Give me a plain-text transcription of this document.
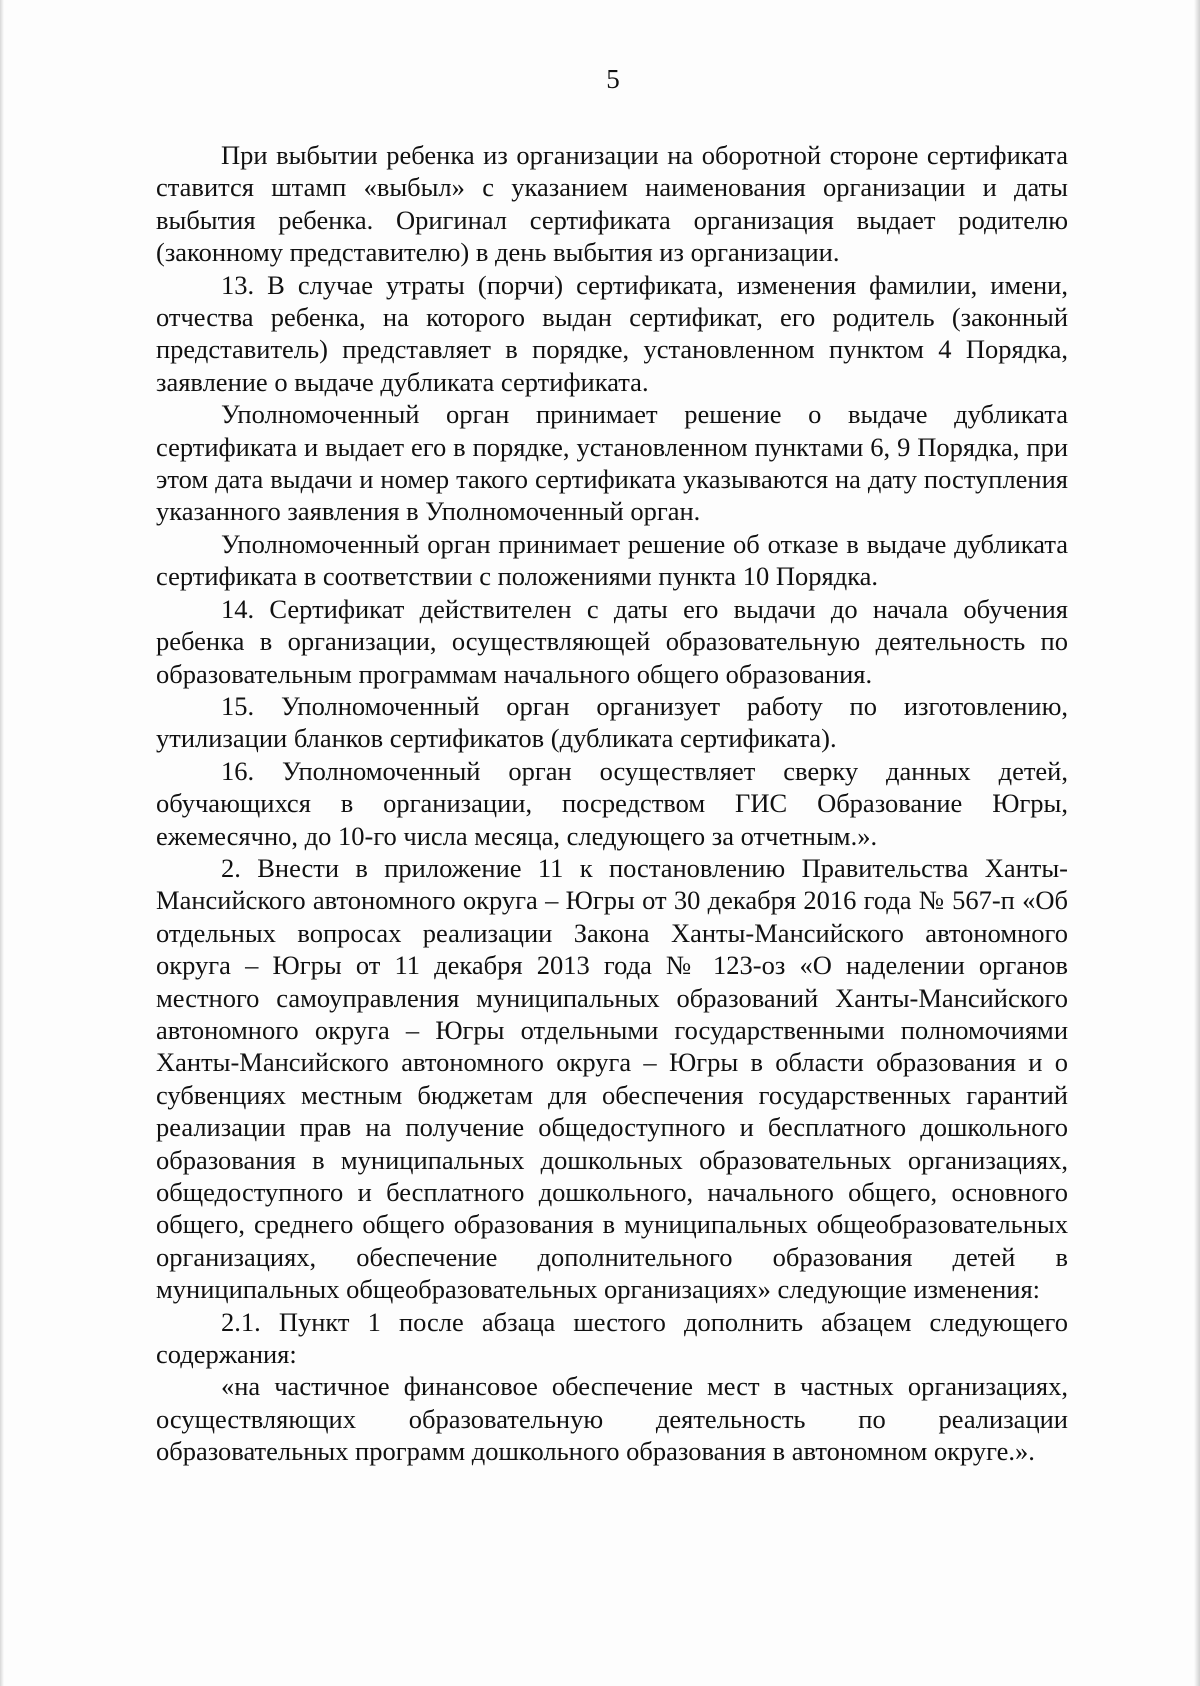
5

При выбытии ребенка из организации на оборотной стороне сертификата ставится штамп «выбыл» с указанием наименования организации и даты выбытия ребенка. Оригинал сертификата организация выдает родителю (законному представителю) в день выбытия из организации.

13. В случае утраты (порчи) сертификата, изменения фамилии, имени, отчества ребенка, на которого выдан сертификат, его родитель (законный представитель) представляет в порядке, установленном пунктом 4 Порядка, заявление о выдаче дубликата сертификата.

Уполномоченный орган принимает решение о выдаче дубликата сертификата и выдает его в порядке, установленном пунктами 6, 9 Порядка, при этом дата выдачи и номер такого сертификата указываются на дату поступления указанного заявления в Уполномоченный орган.

Уполномоченный орган принимает решение об отказе в выдаче дубликата сертификата в соответствии с положениями пункта 10 Порядка.

14. Сертификат действителен с даты его выдачи до начала обучения ребенка в организации, осуществляющей образовательную деятельность по образовательным программам начального общего образования.

15. Уполномоченный орган организует работу по изготовлению, утилизации бланков сертификатов (дубликата сертификата).

16. Уполномоченный орган осуществляет сверку данных детей, обучающихся в организации, посредством ГИС Образование Югры, ежемесячно, до 10-го числа месяца, следующего за отчетным.».

2. Внести в приложение 11 к постановлению Правительства Ханты-Мансийского автономного округа – Югры от 30 декабря 2016 года № 567-п «Об отдельных вопросах реализации Закона Ханты-Мансийского автономного округа – Югры от 11 декабря 2013 года № 123-оз «О наделении органов местного самоуправления муниципальных образований Ханты-Мансийского автономного округа – Югры отдельными государственными полномочиями Ханты-Мансийского автономного округа – Югры в области образования и о субвенциях местным бюджетам для обеспечения государственных гарантий реализации прав на получение общедоступного и бесплатного дошкольного образования в муниципальных дошкольных образовательных организациях, общедоступного и бесплатного дошкольного, начального общего, основного общего, среднего общего образования в муниципальных общеобразовательных организациях, обеспечение дополнительного образования детей в муниципальных общеобразовательных организациях» следующие изменения:

2.1. Пункт 1 после абзаца шестого дополнить абзацем следующего содержания:

«на частичное финансовое обеспечение мест в частных организациях, осуществляющих образовательную деятельность по реализации образовательных программ дошкольного образования в автономном округе.».
